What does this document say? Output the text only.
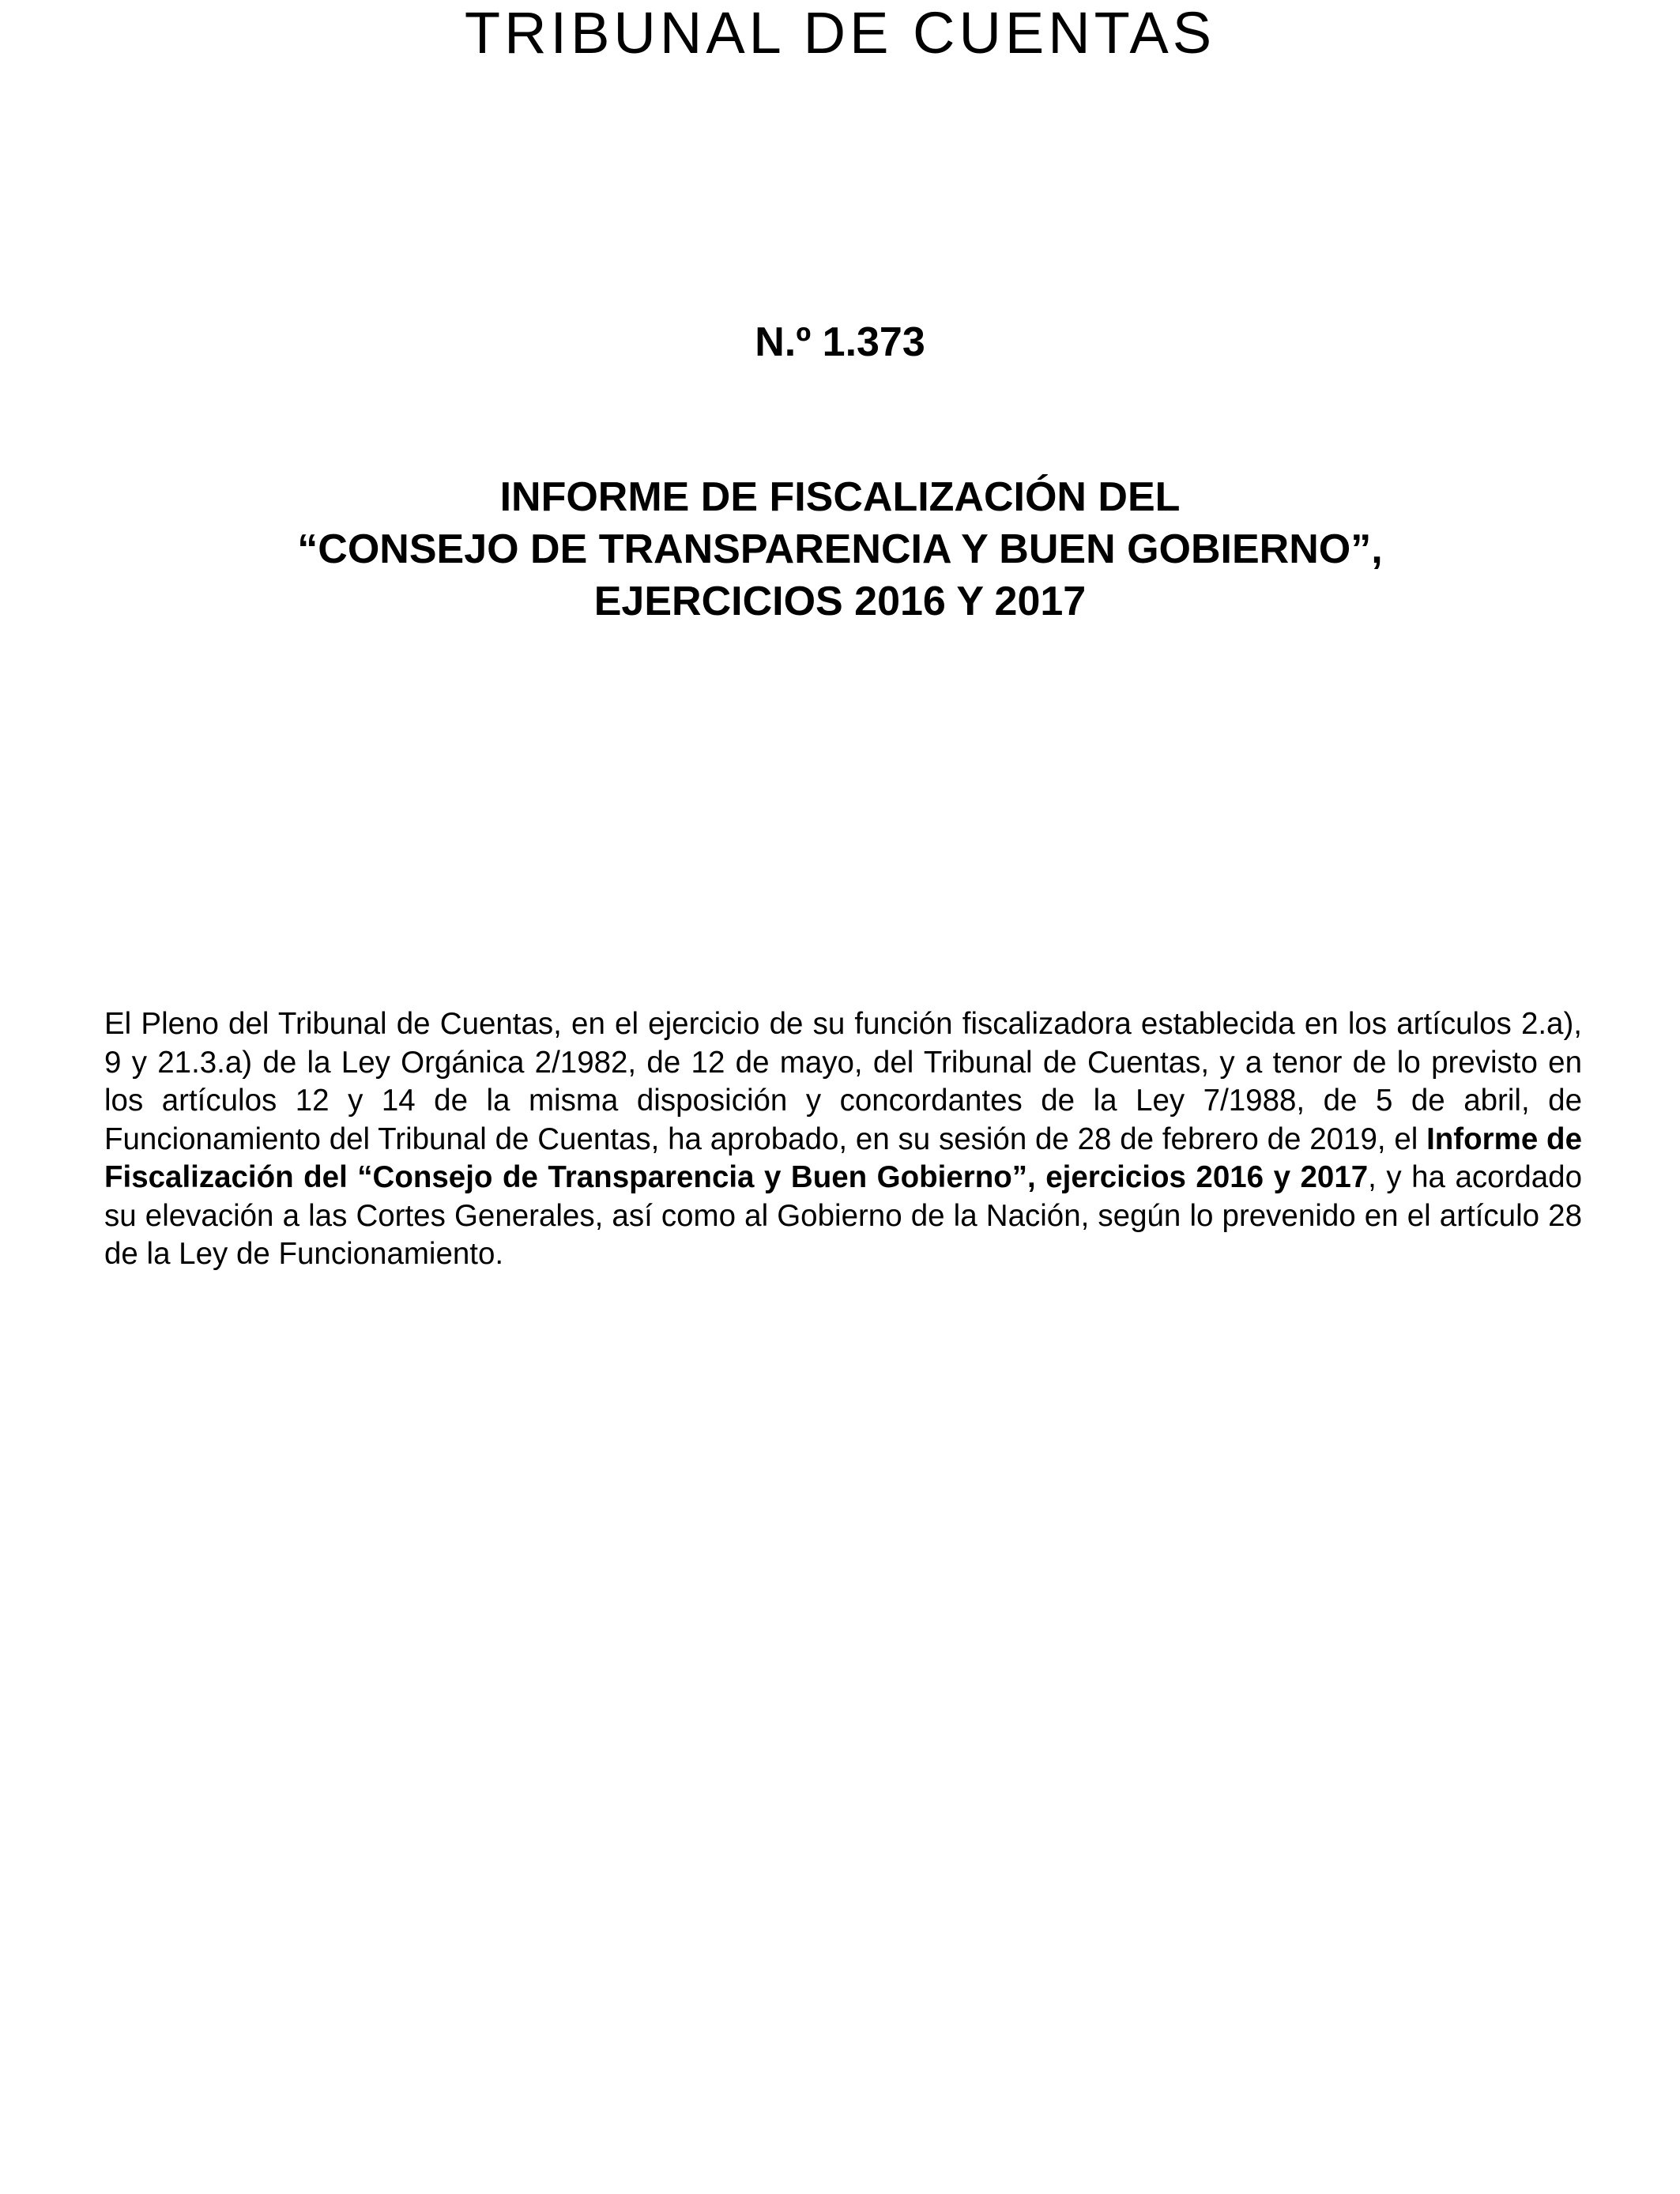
TRIBUNAL DE CUENTAS

N.º 1.373

INFORME DE FISCALIZACIÓN DEL
“CONSEJO DE TRANSPARENCIA Y BUEN GOBIERNO”,
EJERCICIOS 2016 Y 2017

El Pleno del Tribunal de Cuentas, en el ejercicio de su función fiscalizadora establecida en los artículos 2.a), 9 y 21.3.a) de la Ley Orgánica 2/1982, de 12 de mayo, del Tribunal de Cuentas, y a tenor de lo previsto en los artículos 12 y 14 de la misma disposición y concordantes de la Ley 7/1988, de 5 de abril, de Funcionamiento del Tribunal de Cuentas, ha aprobado, en su sesión de 28 de febrero de 2019, el Informe de Fiscalización del “Consejo de Transparencia y Buen Gobierno”, ejercicios 2016 y 2017, y ha acordado su elevación a las Cortes Generales, así como al Gobierno de la Nación, según lo prevenido en el artículo 28 de la Ley de Funcionamiento.
